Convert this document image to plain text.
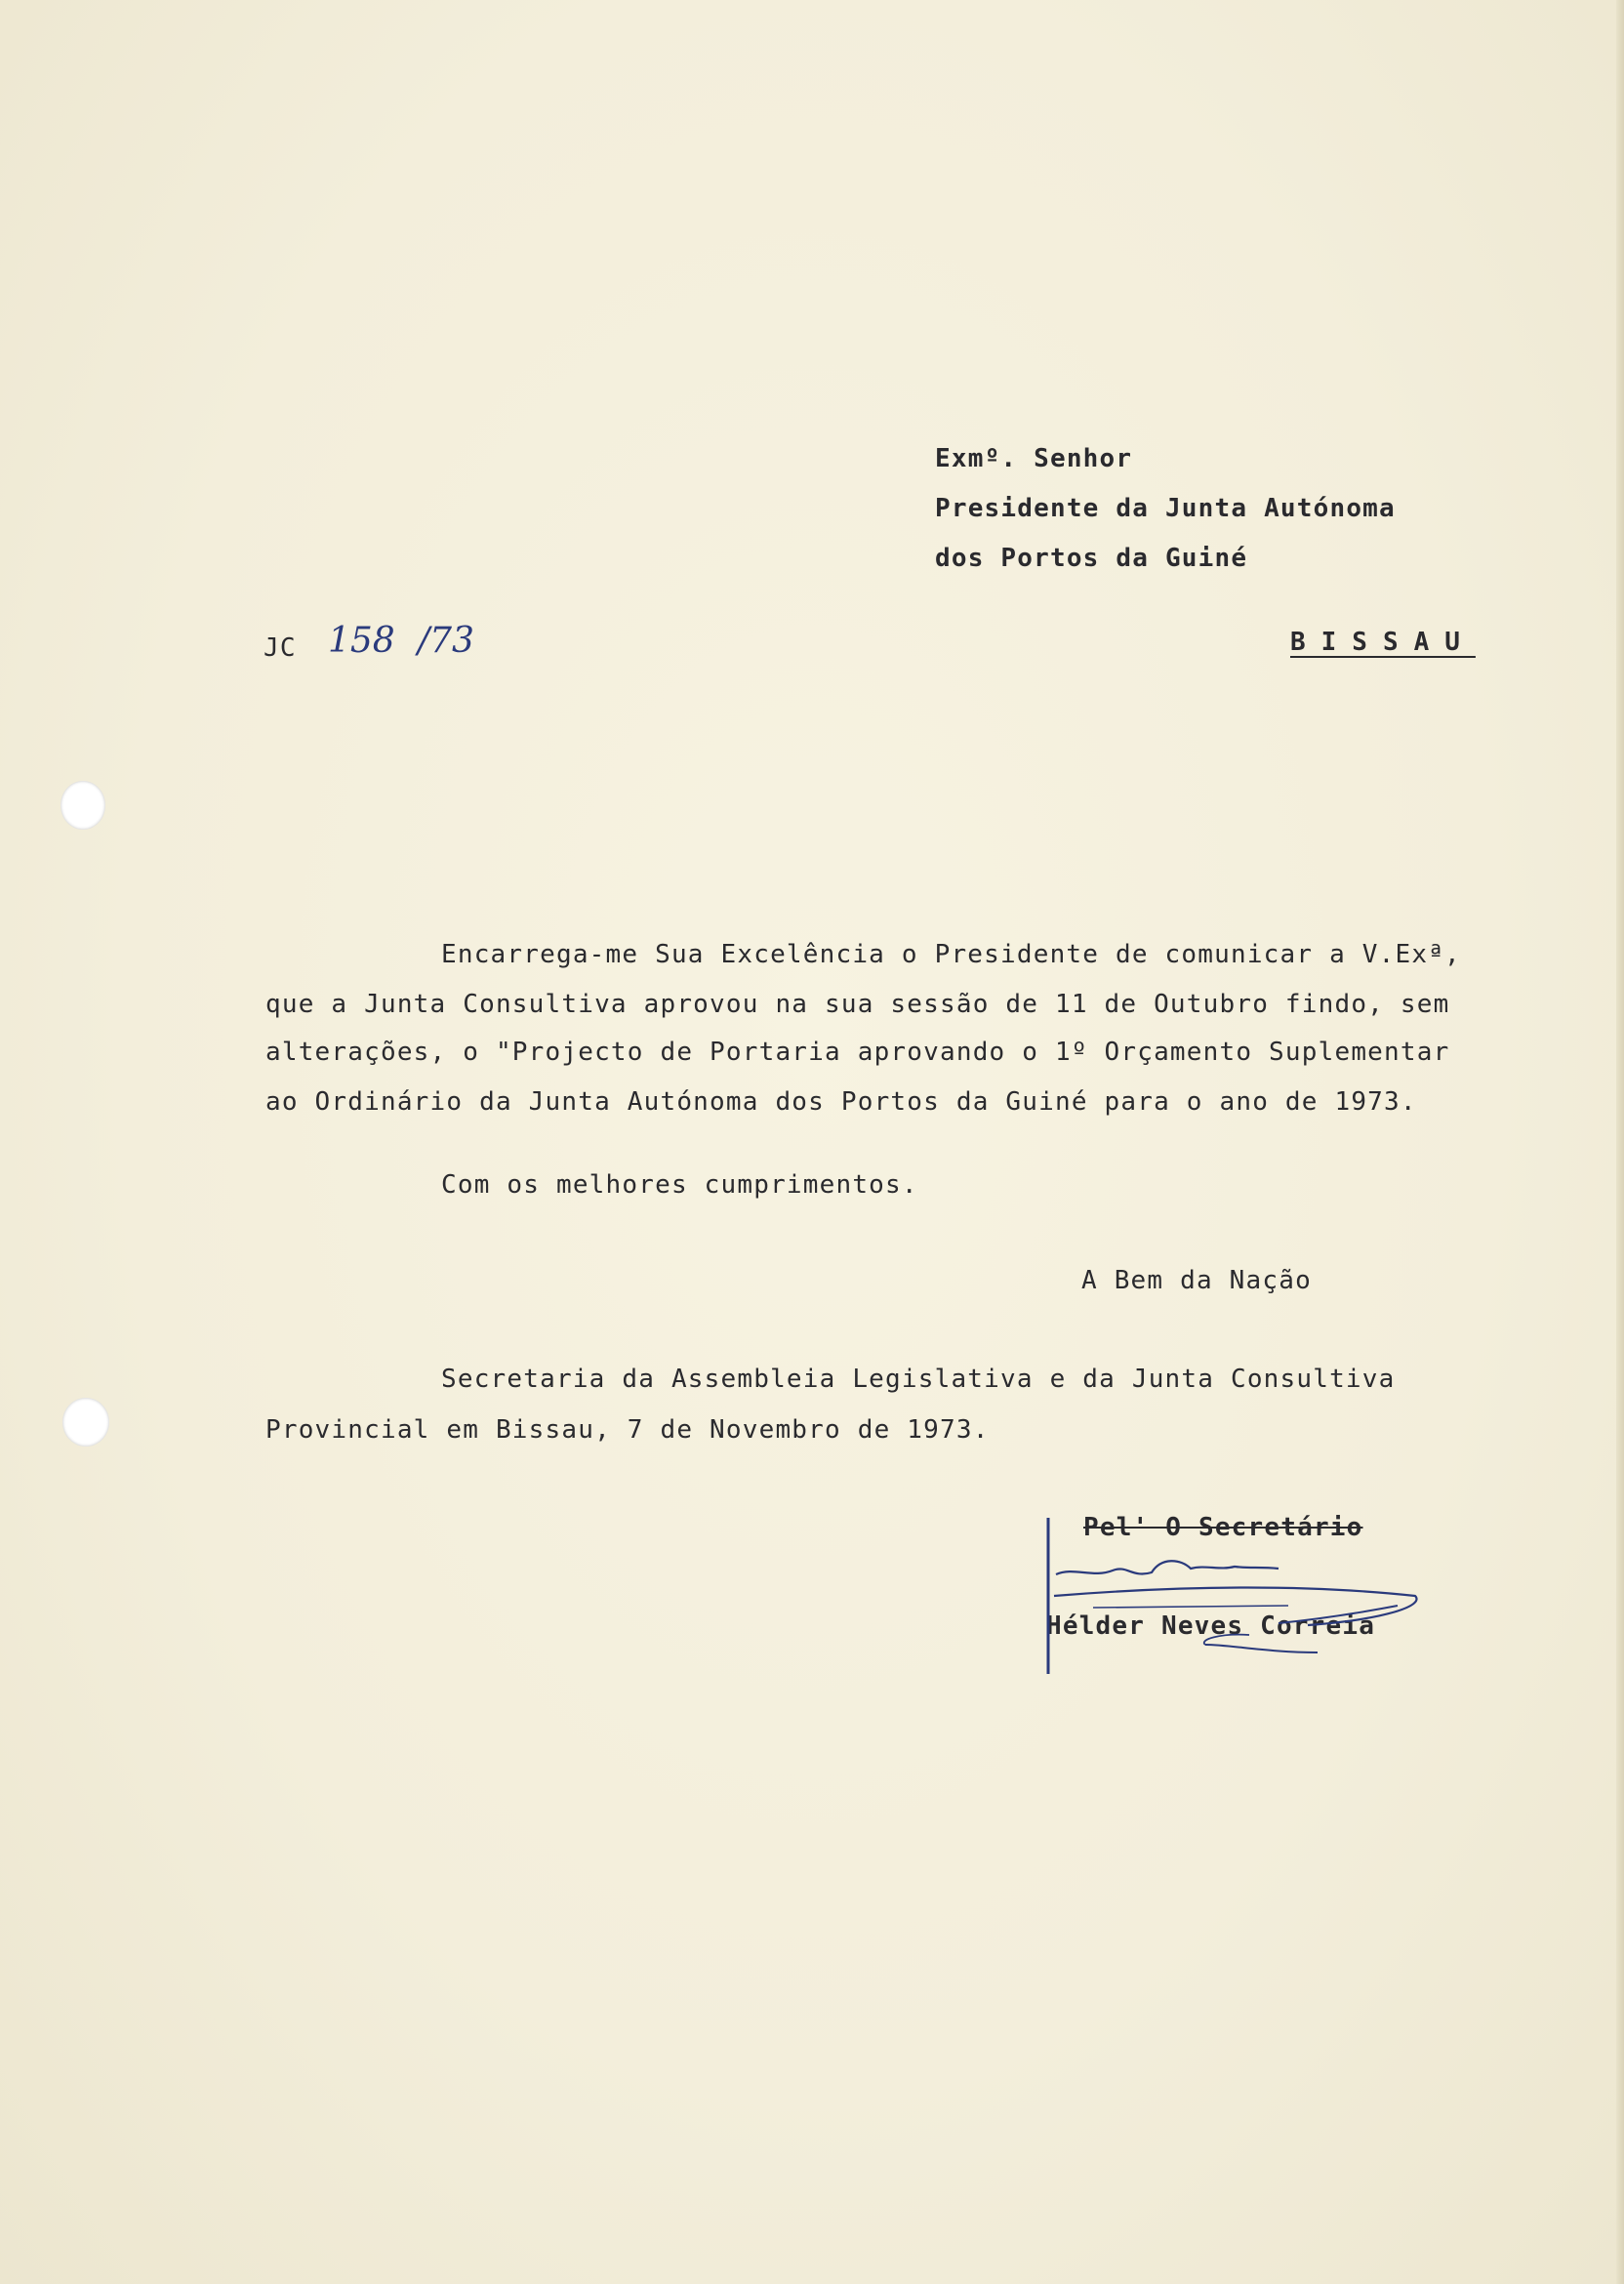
Exmº. Senhor
Presidente da Junta Autónoma
dos Portos da Guiné
BISSAU
JC 158 /73
Encarrega-me Sua Excelência o Presidente de comunicar a V.Exª,
que a Junta Consultiva aprovou na sua sessão de 11 de Outubro findo, sem
alterações, o "Projecto de Portaria aprovando o 1º Orçamento Suplementar
ao Ordinário da Junta Autónoma dos Portos da Guiné para o ano de 1973.
Com os melhores cumprimentos.
A Bem da Nação
Secretaria da Assembleia Legislativa e da Junta Consultiva
Provincial em Bissau, 7 de Novembro de 1973.
Pel' O Secretário
Hélder Neves Correia
